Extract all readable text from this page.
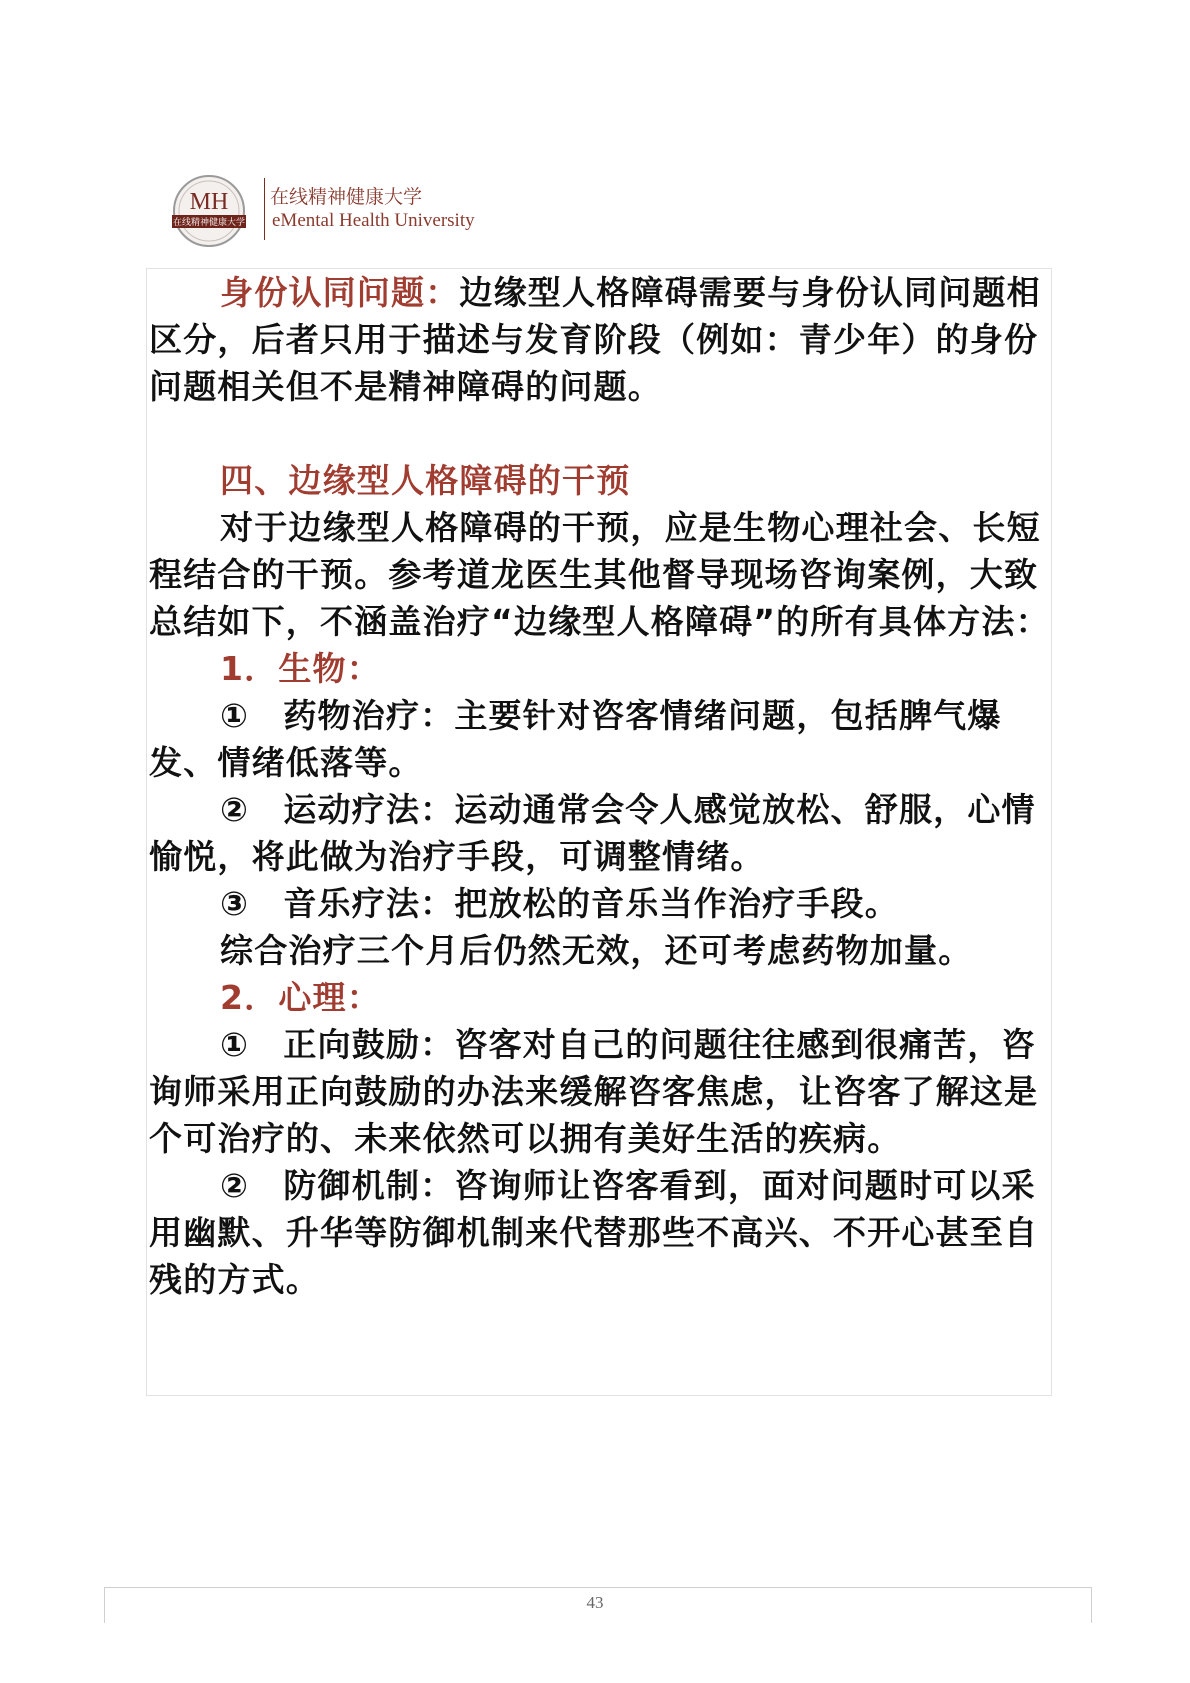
MH
在线精神健康大学
在线精神健康大学
eMental Health University

身份认同问题：边缘型人格障碍需要与身份认同问题相区分，后者只用于描述与发育阶段（例如：青少年）的身份问题相关但不是精神障碍的问题。

四、边缘型人格障碍的干预

对于边缘型人格障碍的干预，应是生物心理社会、长短程结合的干预。参考道龙医生其他督导现场咨询案例，大致总结如下，不涵盖治疗“边缘型人格障碍”的所有具体方法：

1．生物：

①　药物治疗：主要针对咨客情绪问题，包括脾气爆发、情绪低落等。

②　运动疗法：运动通常会令人感觉放松、舒服，心情愉悦，将此做为治疗手段，可调整情绪。

③　音乐疗法：把放松的音乐当作治疗手段。

综合治疗三个月后仍然无效，还可考虑药物加量。

2．心理：

①　正向鼓励：咨客对自己的问题往往感到很痛苦，咨询师采用正向鼓励的办法来缓解咨客焦虑，让咨客了解这是个可治疗的、未来依然可以拥有美好生活的疾病。

②　防御机制：咨询师让咨客看到，面对问题时可以采用幽默、升华等防御机制来代替那些不高兴、不开心甚至自残的方式。

43
